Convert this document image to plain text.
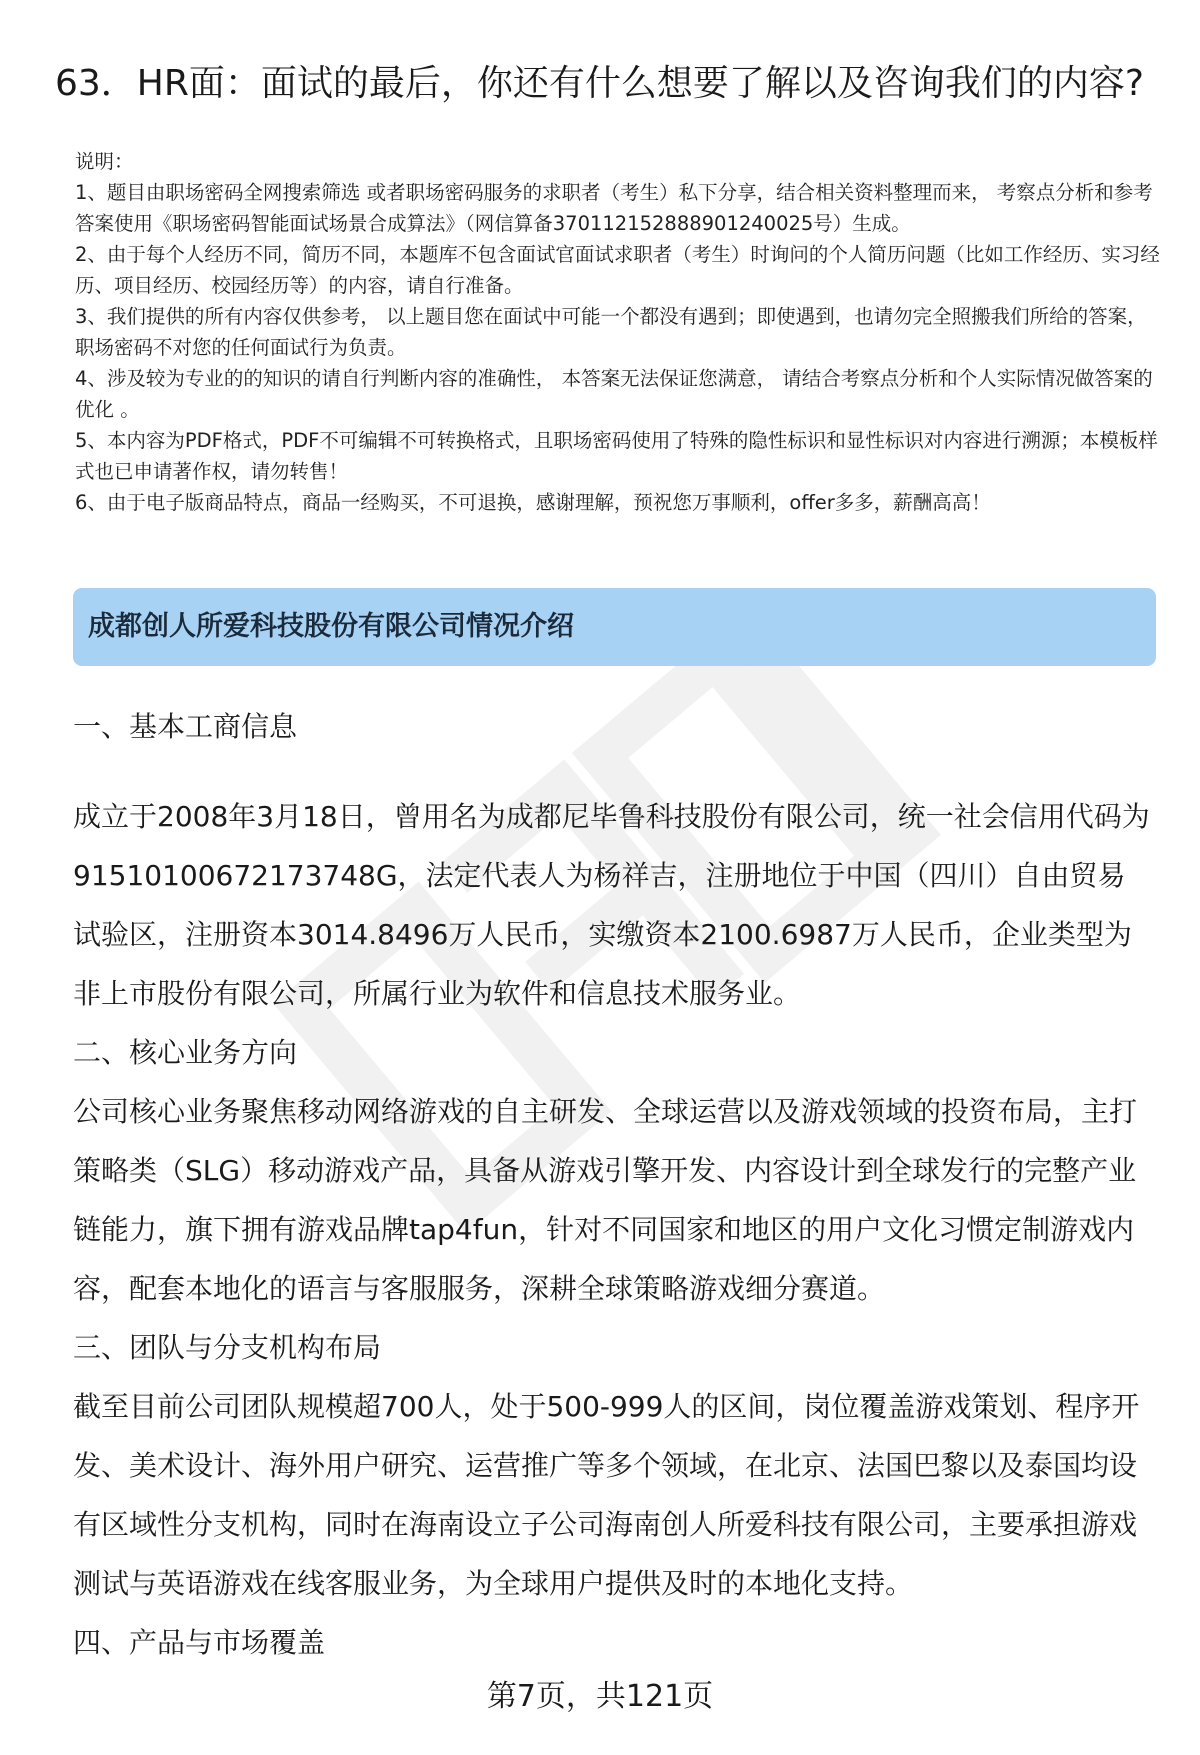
63．HR面：面试的最后，你还有什么想要了解以及咨询我们的内容?

说明：

1、题目由职场密码全网搜索筛选 或者职场密码服务的求职者（考生）私下分享，结合相关资料整理而来， 考察点分析和参考答案使用《职场密码智能面试场景合成算法》（网信算备370112152888901240025号）生成。

2、由于每个人经历不同，简历不同，本题库不包含面试官面试求职者（考生）时询问的个人简历问题（比如工作经历、实习经历、项目经历、校园经历等）的内容，请自行准备。

3、我们提供的所有内容仅供参考， 以上题目您在面试中可能一个都没有遇到；即使遇到，也请勿完全照搬我们所给的答案，职场密码不对您的任何面试行为负责。

4、涉及较为专业的的知识的请自行判断内容的准确性， 本答案无法保证您满意， 请结合考察点分析和个人实际情况做答案的优化 。

5、本内容为PDF格式，PDF不可编辑不可转换格式，且职场密码使用了特殊的隐性标识和显性标识对内容进行溯源；本模板样式也已申请著作权，请勿转售！

6、由于电子版商品特点，商品一经购买，不可退换，感谢理解，预祝您万事顺利，offer多多，薪酬高高！

成都创人所爱科技股份有限公司情况介绍
一、基本工商信息
成立于2008年3月18日，曾用名为成都尼毕鲁科技股份有限公司，统一社会信用代码为91510100672173748G，法定代表人为杨祥吉，注册地位于中国（四川）自由贸易试验区，注册资本3014.8496万人民币，实缴资本2100.6987万人民币，企业类型为非上市股份有限公司，所属行业为软件和信息技术服务业。
二、核心业务方向
公司核心业务聚焦移动网络游戏的自主研发、全球运营以及游戏领域的投资布局，主打策略类（SLG）移动游戏产品，具备从游戏引擎开发、内容设计到全球发行的完整产业链能力，旗下拥有游戏品牌tap4fun，针对不同国家和地区的用户文化习惯定制游戏内容，配套本地化的语言与客服服务，深耕全球策略游戏细分赛道。
三、团队与分支机构布局
截至目前公司团队规模超700人，处于500-999人的区间，岗位覆盖游戏策划、程序开发、美术设计、海外用户研究、运营推广等多个领域，在北京、法国巴黎以及泰国均设有区域性分支机构，同时在海南设立子公司海南创人所爱科技有限公司，主要承担游戏测试与英语游戏在线客服业务，为全球用户提供及时的本地化支持。
四、产品与市场覆盖
第7页，共121页
